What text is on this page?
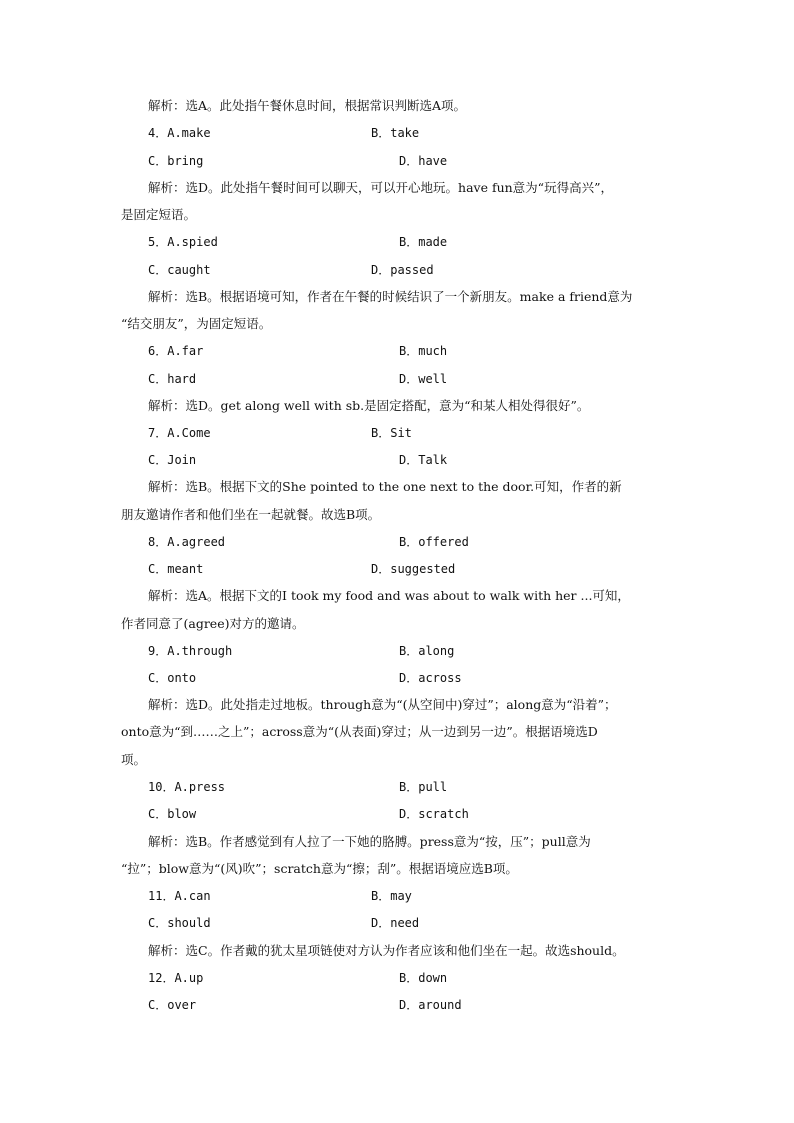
解析：选A。此处指午餐休息时间，根据常识判断选A项。
4．A.make	B．take
C．bring	D．have
解析：选D。此处指午餐时间可以聊天，可以开心地玩。have fun意为“玩得高兴”，
是固定短语。
5．A.spied	B．made
C．caught	D．passed
解析：选B。根据语境可知，作者在午餐的时候结识了一个新朋友。make a friend意为
“结交朋友”，为固定短语。
6．A.far	B．much
C．hard	D．well
解析：选D。get along well with sb.是固定搭配，意为“和某人相处得很好”。
7．A.Come	B．Sit
C．Join	D．Talk
解析：选B。根据下文的She pointed to the one next to the door.可知，作者的新
朋友邀请作者和他们坐在一起就餐。故选B项。
8．A.agreed	B．offered
C．meant	D．suggested
解析：选A。根据下文的I took my food and was about to walk with her ...可知，
作者同意了(agree)对方的邀请。
9．A.through	B．along
C．onto	D．across
解析：选D。此处指走过地板。through意为“(从空间中)穿过”；along意为“沿着”；
onto意为“到……之上”；across意为“(从表面)穿过；从一边到另一边”。根据语境选D
项。
10．A.press	B．pull
C．blow	D．scratch
解析：选B。作者感觉到有人拉了一下她的胳膊。press意为“按，压”；pull意为
“拉”；blow意为“(风)吹”；scratch意为“擦；刮”。根据语境应选B项。
11．A.can	B．may
C．should	D．need
解析：选C。作者戴的犹太星项链使对方认为作者应该和他们坐在一起。故选should。
12．A.up	B．down
C．over	D．around
